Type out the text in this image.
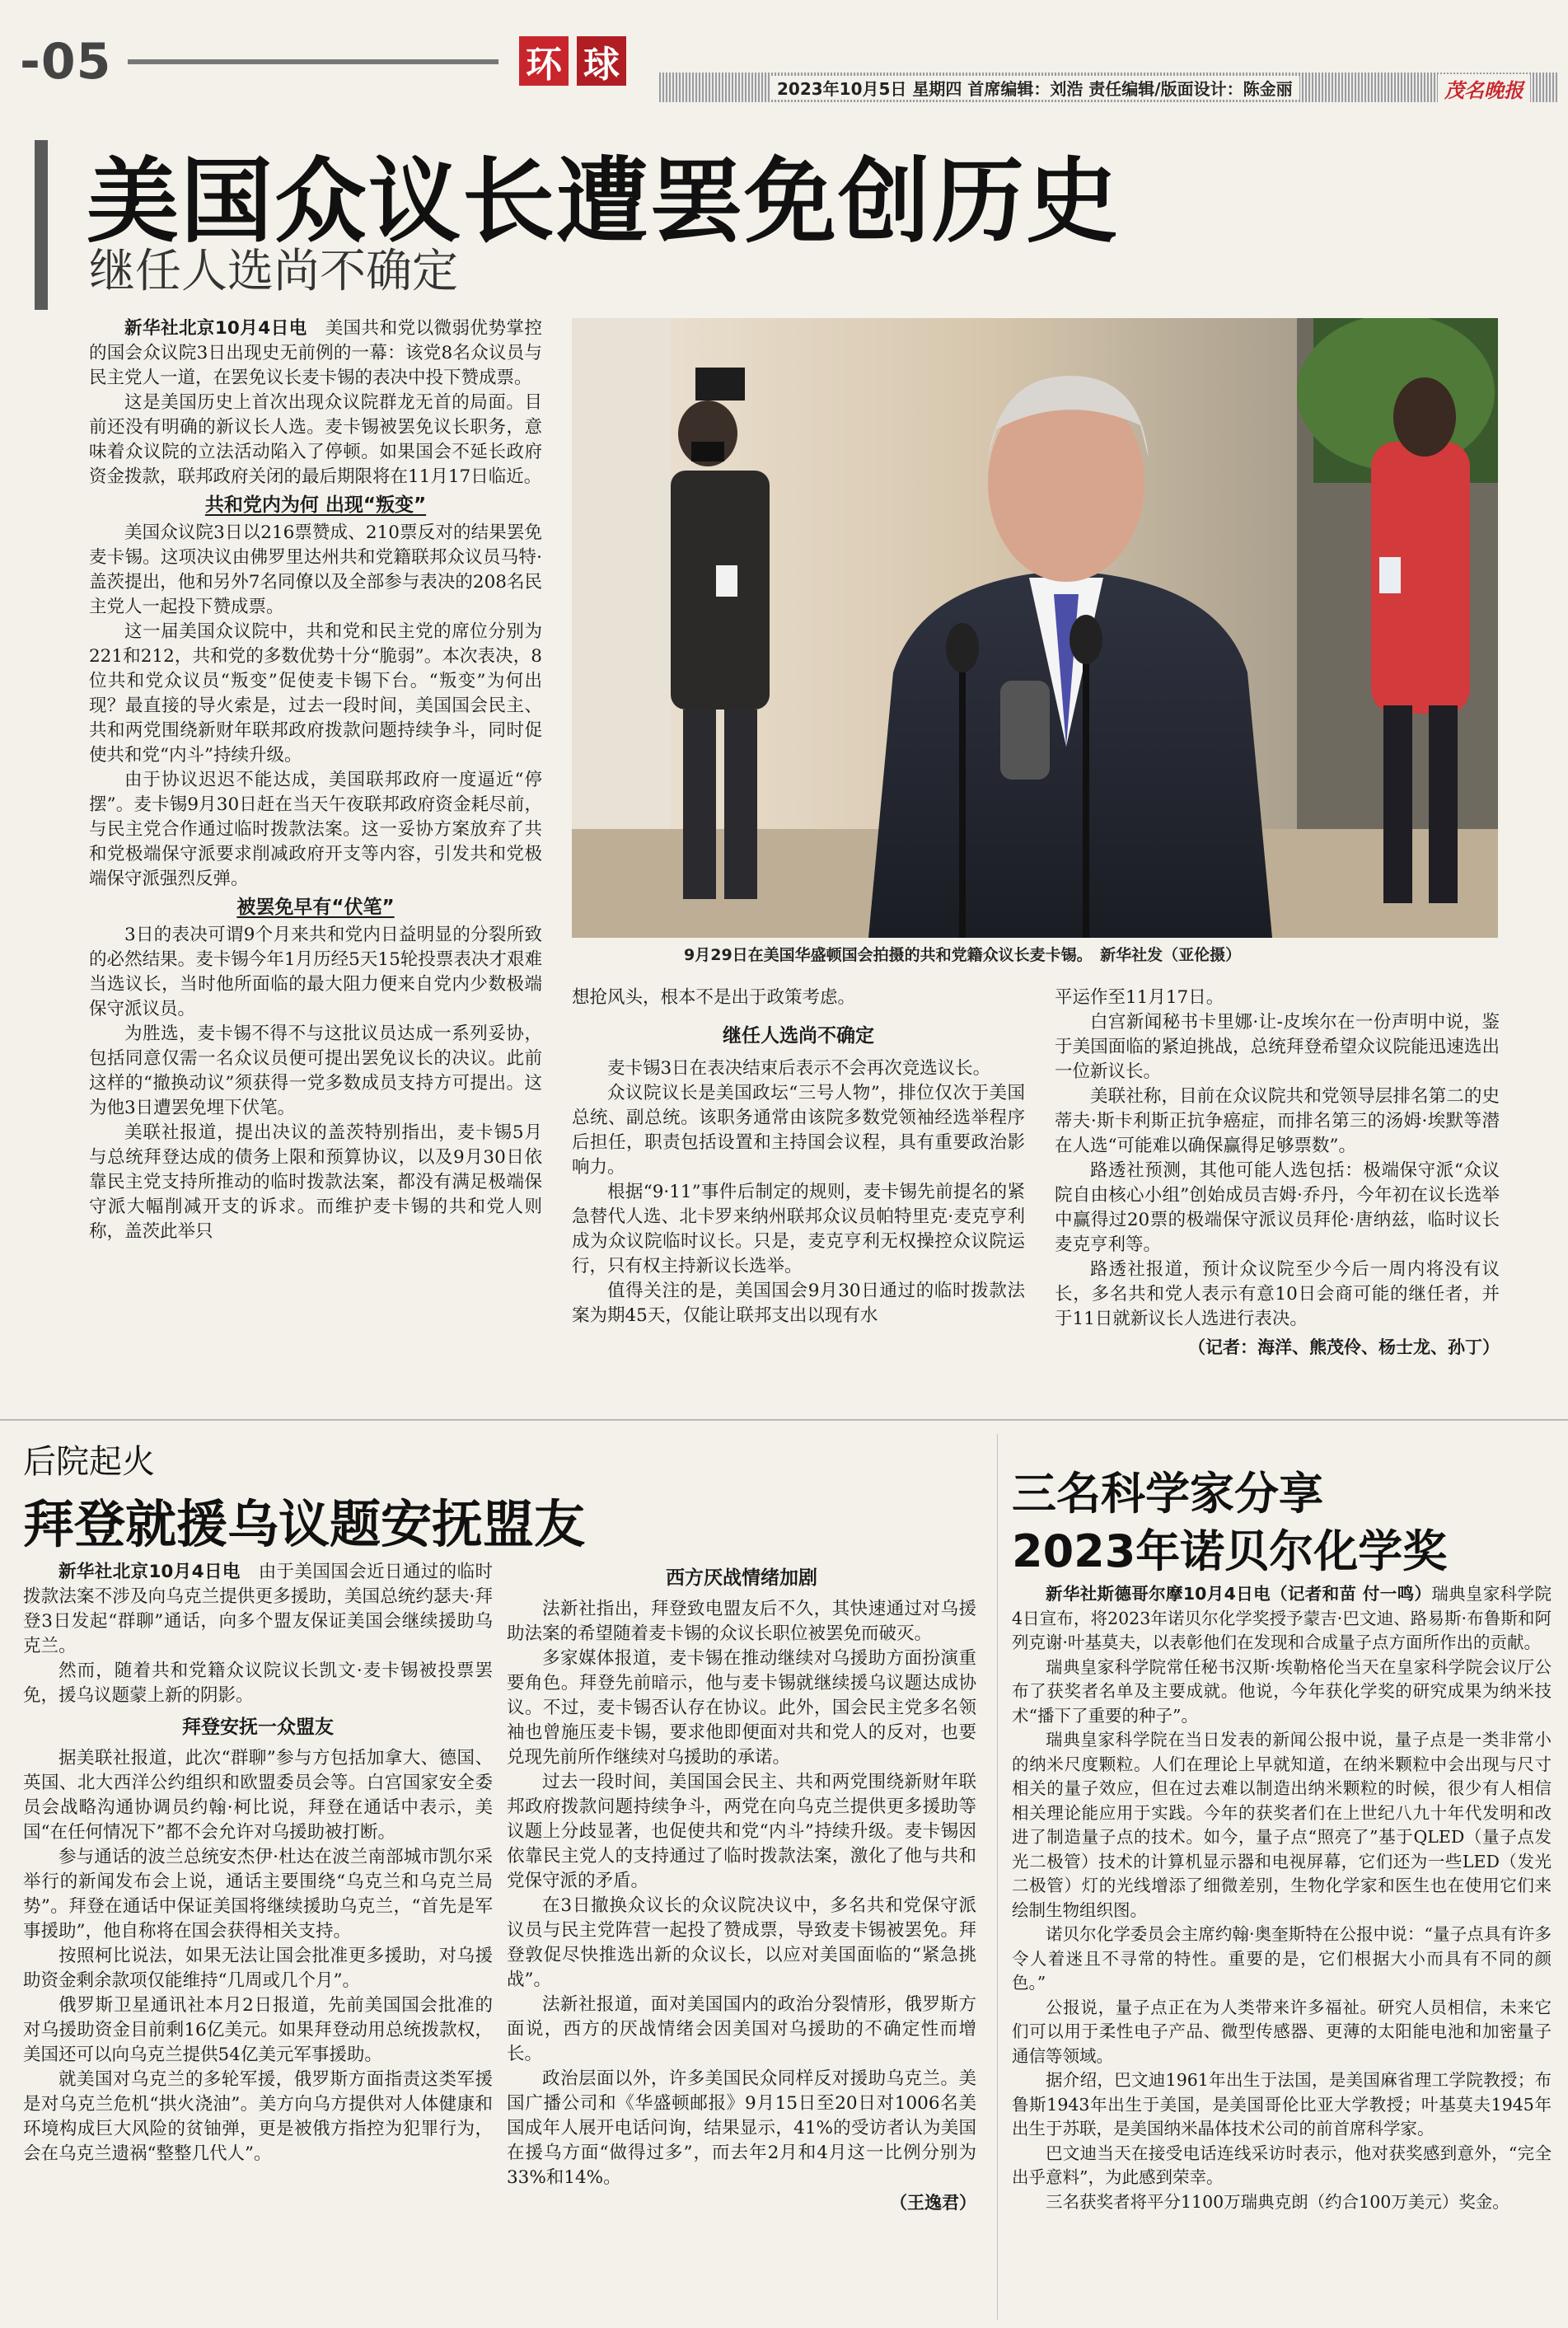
-05	环 球
2023年10月5日 星期四 首席编辑：刘浩 责任编辑/版面设计：陈金丽	茂名晚报
美国众议长遭罢免创历史
继任人选尚不确定
9月29日在美国华盛顿国会拍摄的共和党籍众议长麦卡锡。　新华社发（亚伦摄）

新华社北京10月4日电　 美国共和党以微弱优势掌控的国会众议院3日出现史无前例的一幕：该党8名众议员与民主党人一道，在罢免议长麦卡锡的表决中投下赞成票。

这是美国历史上首次出现众议院群龙无首的局面。目前还没有明确的新议长人选。麦卡锡被罢免议长职务，意味着众议院的立法活动陷入了停顿。如果国会不延长政府资金拨款，联邦政府关闭的最后期限将在11月17日临近。

共和党内为何 出现“叛变”

美国众议院3日以216票赞成、210票反对的结果罢免麦卡锡。这项决议由佛罗里达州共和党籍联邦众议员马特·盖茨提出，他和另外7名同僚以及全部参与表决的208名民主党人一起投下赞成票。

这一届美国众议院中，共和党和民主党的席位分别为221和212，共和党的多数优势十分“脆弱”。本次表决，8位共和党众议员“叛变”促使麦卡锡下台。“叛变”为何出现？最直接的导火索是，过去一段时间，美国国会民主、共和两党围绕新财年联邦政府拨款问题持续争斗，同时促使共和党“内斗”持续升级。

由于协议迟迟不能达成，美国联邦政府一度逼近“停摆”。麦卡锡9月30日赶在当天午夜联邦政府资金耗尽前，与民主党合作通过临时拨款法案。这一妥协方案放弃了共和党极端保守派要求削减政府开支等内容，引发共和党极端保守派强烈反弹。

被罢免早有“伏笔”

3日的表决可谓9个月来共和党内日益明显的分裂所致的必然结果。麦卡锡今年1月历经5天15轮投票表决才艰难当选议长，当时他所面临的最大阻力便来自党内少数极端保守派议员。

为胜选，麦卡锡不得不与这批议员达成一系列妥协，包括同意仅需一名众议员便可提出罢免议长的决议。此前这样的“撤换动议”须获得一党多数成员支持方可提出。这为他3日遭罢免埋下伏笔。

美联社报道，提出决议的盖茨特别指出，麦卡锡5月与总统拜登达成的债务上限和预算协议，以及9月30日依靠民主党支持所推动的临时拨款法案，都没有满足极端保守派大幅削减开支的诉求。而维护麦卡锡的共和党人则称，盖茨此举只

想抢风头，根本不是出于政策考虑。

继任人选尚不确定

麦卡锡3日在表决结束后表示不会再次竞选议长。

众议院议长是美国政坛“三号人物”，排位仅次于美国总统、副总统。该职务通常由该院多数党领袖经选举程序后担任，职责包括设置和主持国会议程，具有重要政治影响力。

根据“9·11”事件后制定的规则，麦卡锡先前提名的紧急替代人选、北卡罗来纳州联邦众议员帕特里克·麦克亨利成为众议院临时议长。只是，麦克亨利无权操控众议院运行，只有权主持新议长选举。

值得关注的是，美国国会9月30日通过的临时拨款法案为期45天，仅能让联邦支出以现有水

平运作至11月17日。

白宫新闻秘书卡里娜·让-皮埃尔在一份声明中说，鉴于美国面临的紧迫挑战，总统拜登希望众议院能迅速选出一位新议长。

美联社称，目前在众议院共和党领导层排名第二的史蒂夫·斯卡利斯正抗争癌症，而排名第三的汤姆·埃默等潜在人选“可能难以确保赢得足够票数”。

路透社预测，其他可能人选包括：极端保守派“众议院自由核心小组”创始成员吉姆·乔丹，今年初在议长选举中赢得过20票的极端保守派议员拜伦·唐纳兹，临时议长麦克亨利等。

路透社报道，预计众议院至少今后一周内将没有议长，多名共和党人表示有意10日会商可能的继任者，并于11日就新议长人选进行表决。

（记者：海洋、熊茂伶、杨士龙、孙丁）
后院起火
拜登就援乌议题安抚盟友

新华社北京10月4日电　 由于美国国会近日通过的临时拨款法案不涉及向乌克兰提供更多援助，美国总统约瑟夫·拜登3日发起“群聊”通话，向多个盟友保证美国会继续援助乌克兰。

然而，随着共和党籍众议院议长凯文·麦卡锡被投票罢免，援乌议题蒙上新的阴影。

拜登安抚一众盟友

据美联社报道，此次“群聊”参与方包括加拿大、德国、英国、北大西洋公约组织和欧盟委员会等。白宫国家安全委员会战略沟通协调员约翰·柯比说，拜登在通话中表示，美国“在任何情况下”都不会允许对乌援助被打断。

参与通话的波兰总统安杰伊·杜达在波兰南部城市凯尔采举行的新闻发布会上说，通话主要围绕“乌克兰和乌克兰局势”。拜登在通话中保证美国将继续援助乌克兰，“首先是军事援助”，他自称将在国会获得相关支持。

按照柯比说法，如果无法让国会批准更多援助，对乌援助资金剩余款项仅能维持“几周或几个月”。

俄罗斯卫星通讯社本月2日报道，先前美国国会批准的对乌援助资金目前剩16亿美元。如果拜登动用总统拨款权，美国还可以向乌克兰提供54亿美元军事援助。

就美国对乌克兰的多轮军援，俄罗斯方面指责这类军援是对乌克兰危机“拱火浇油”。美方向乌方提供对人体健康和环境构成巨大风险的贫铀弹，更是被俄方指控为犯罪行为，会在乌克兰遗祸“整整几代人”。

西方厌战情绪加剧

法新社指出，拜登致电盟友后不久，其快速通过对乌援助法案的希望随着麦卡锡的众议长职位被罢免而破灭。

多家媒体报道，麦卡锡在推动继续对乌援助方面扮演重要角色。拜登先前暗示，他与麦卡锡就继续援乌议题达成协议。不过，麦卡锡否认存在协议。此外，国会民主党多名领袖也曾施压麦卡锡，要求他即便面对共和党人的反对，也要兑现先前所作继续对乌援助的承诺。

过去一段时间，美国国会民主、共和两党围绕新财年联邦政府拨款问题持续争斗，两党在向乌克兰提供更多援助等议题上分歧显著，也促使共和党“内斗”持续升级。麦卡锡因依靠民主党人的支持通过了临时拨款法案，激化了他与共和党保守派的矛盾。

在3日撤换众议长的众议院决议中，多名共和党保守派议员与民主党阵营一起投了赞成票，导致麦卡锡被罢免。拜登敦促尽快推选出新的众议长，以应对美国面临的“紧急挑战”。

法新社报道，面对美国国内的政治分裂情形，俄罗斯方面说，西方的厌战情绪会因美国对乌援助的不确定性而增长。

政治层面以外，许多美国民众同样反对援助乌克兰。美国广播公司和《华盛顿邮报》9月15日至20日对1006名美国成年人展开电话问询，结果显示，41%的受访者认为美国在援乌方面“做得过多”，而去年2月和4月这一比例分别为33%和14%。

（王逸君）
三名科学家分享
2023年诺贝尔化学奖

新华社斯德哥尔摩10月4日电（记者和苗 付一鸣）瑞典皇家科学院4日宣布，将2023年诺贝尔化学奖授予蒙吉·巴文迪、路易斯·布鲁斯和阿列克谢·叶基莫夫，以表彰他们在发现和合成量子点方面所作出的贡献。

瑞典皇家科学院常任秘书汉斯·埃勒格伦当天在皇家科学院会议厅公布了获奖者名单及主要成就。他说，今年获化学奖的研究成果为纳米技术“播下了重要的种子”。

瑞典皇家科学院在当日发表的新闻公报中说，量子点是一类非常小的纳米尺度颗粒。人们在理论上早就知道，在纳米颗粒中会出现与尺寸相关的量子效应，但在过去难以制造出纳米颗粒的时候，很少有人相信相关理论能应用于实践。今年的获奖者们在上世纪八九十年代发明和改进了制造量子点的技术。如今，量子点“照亮了”基于QLED（量子点发光二极管）技术的计算机显示器和电视屏幕，它们还为一些LED（发光二极管）灯的光线增添了细微差别，生物化学家和医生也在使用它们来绘制生物组织图。

诺贝尔化学委员会主席约翰·奥奎斯特在公报中说：“量子点具有许多令人着迷且不寻常的特性。重要的是，它们根据大小而具有不同的颜色。”

公报说，量子点正在为人类带来许多福祉。研究人员相信，未来它们可以用于柔性电子产品、微型传感器、更薄的太阳能电池和加密量子通信等领域。

据介绍，巴文迪1961年出生于法国，是美国麻省理工学院教授；布鲁斯1943年出生于美国，是美国哥伦比亚大学教授；叶基莫夫1945年出生于苏联，是美国纳米晶体技术公司的前首席科学家。

巴文迪当天在接受电话连线采访时表示，他对获奖感到意外，“完全出乎意料”，为此感到荣幸。

三名获奖者将平分1100万瑞典克朗（约合100万美元）奖金。
